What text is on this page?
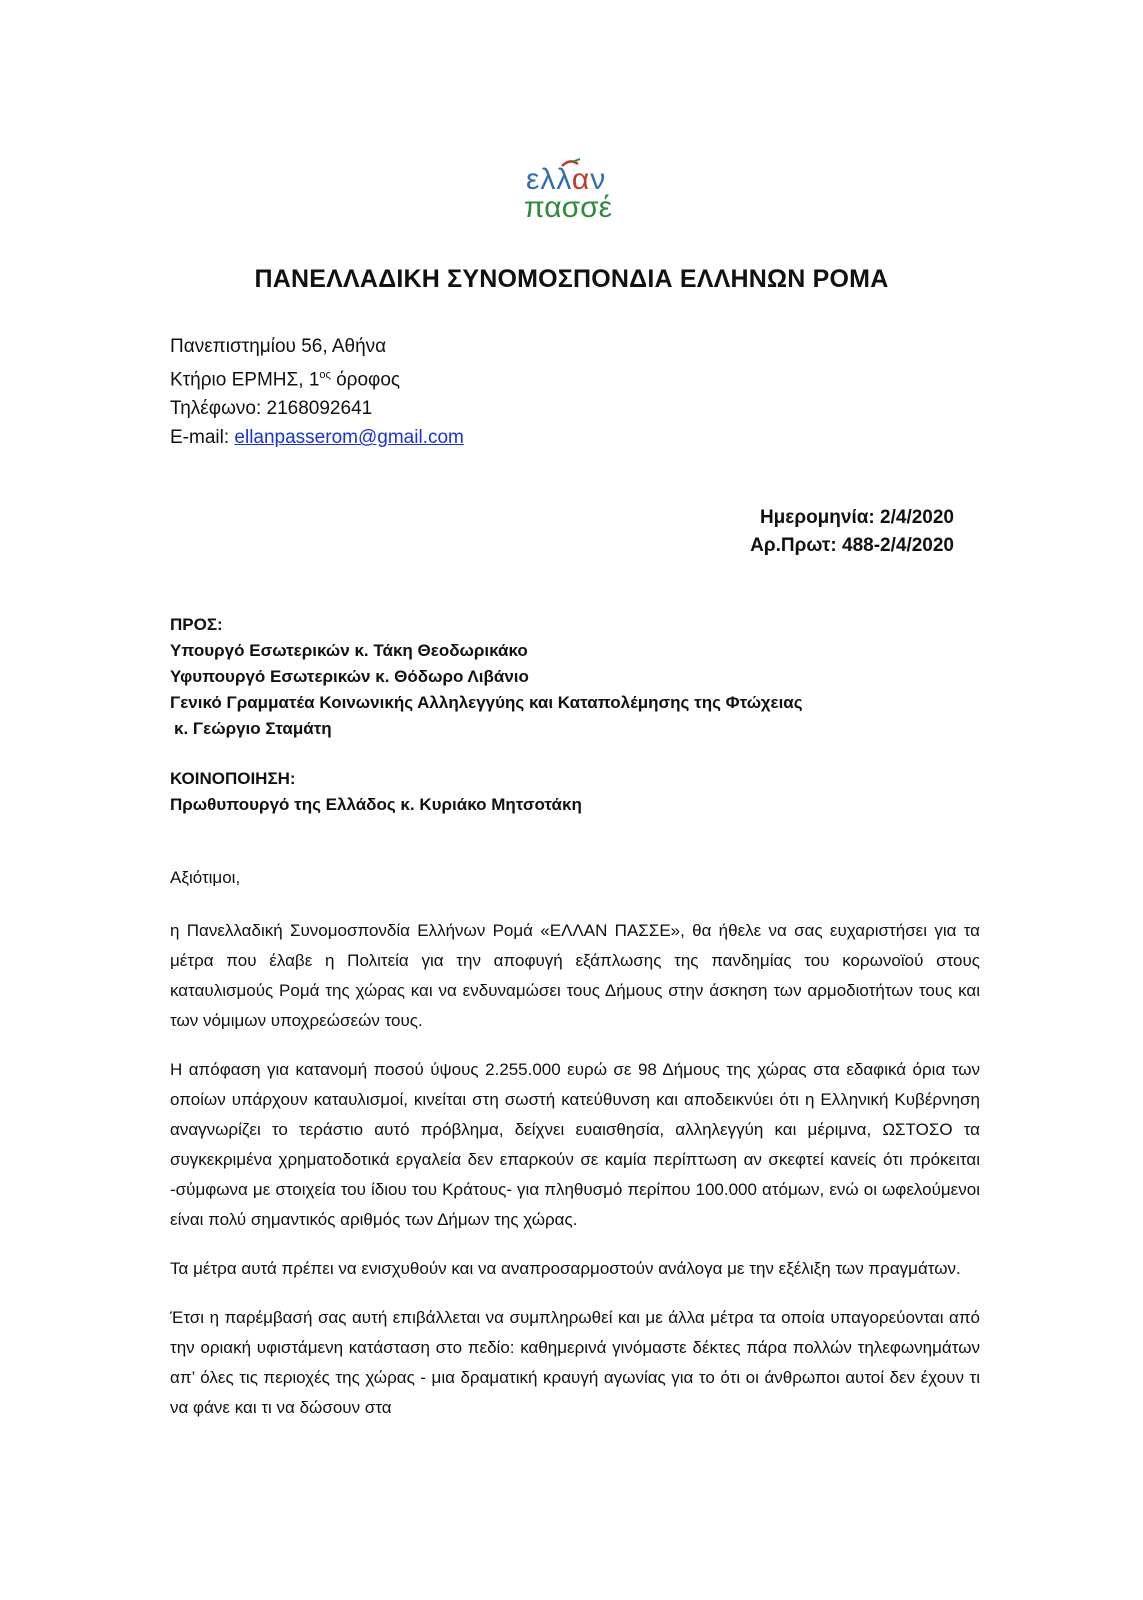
ελλαν
πασσέ
ΠΑΝΕΛΛΑΔΙΚΗ ΣΥΝΟΜΟΣΠΟΝΔΙΑ ΕΛΛΗΝΩΝ ΡΟΜΑ
Πανεπιστημίου 56, Αθήνα
Κτήριο ΕΡΜΗΣ, $1^{o\varsigma}$ όροφος
Τηλέφωνο: 2168092641
E-mail: ellanpasserom@gmail.com
Ημερομηνία: 2/4/2020
Αρ.Πρωτ: 488-2/4/2020
ΠΡΟΣ:
Υπουργό Εσωτερικών κ. Τάκη Θεοδωρικάκο
Υφυπουργό Εσωτερικών κ. Θόδωρο Λιβάνιο
Γενικό Γραμματέα Κοινωνικής Αλληλεγγύης και Καταπολέμησης της Φτώχειας
κ. Γεώργιο Σταμάτη
ΚΟΙΝΟΠΟΙΗΣΗ:
Πρωθυπουργό της Ελλάδος κ. Κυριάκο Μητσοτάκη
Αξιότιμοι,

η Πανελλαδική Συνομοσπονδία Ελλήνων Ρομά «ΕΛΛΑΝ ΠΑΣΣΕ», θα ήθελε να σας ευχαριστήσει για τα μέτρα που έλαβε η Πολιτεία για την αποφυγή εξάπλωσης της πανδημίας του κορωνοϊού στους καταυλισμούς Ρομά της χώρας και να ενδυναμώσει τους Δήμους στην άσκηση των αρμοδιοτήτων τους και των νόμιμων υποχρεώσεών τους.

Η απόφαση για κατανομή ποσού ύψους 2.255.000 ευρώ σε 98 Δήμους της χώρας στα εδαφικά όρια των οποίων υπάρχουν καταυλισμοί, κινείται στη σωστή κατεύθυνση και αποδεικνύει ότι η Ελληνική Κυβέρνηση αναγνωρίζει το τεράστιο αυτό πρόβλημα, δείχνει ευαισθησία, αλληλεγγύη και μέριμνα, ΩΣΤΟΣΟ τα συγκεκριμένα χρηματοδοτικά εργαλεία δεν επαρκούν σε καμία περίπτωση αν σκεφτεί κανείς ότι πρόκειται -σύμφωνα με στοιχεία του ίδιου του Κράτους- για πληθυσμό περίπου 100.000 ατόμων, ενώ οι ωφελούμενοι είναι πολύ σημαντικός αριθμός των Δήμων της χώρας.

Τα μέτρα αυτά πρέπει να ενισχυθούν και να αναπροσαρμοστούν ανάλογα με την εξέλιξη των πραγμάτων.

Έτσι η παρέμβασή σας αυτή επιβάλλεται να συμπληρωθεί και με άλλα μέτρα τα οποία υπαγορεύονται από την οριακή υφιστάμενη κατάσταση στο πεδίο: καθημερινά γινόμαστε δέκτες πάρα πολλών τηλεφωνημάτων απ’ όλες τις περιοχές της χώρας - μια δραματική κραυγή αγωνίας για το ότι οι άνθρωποι αυτοί δεν έχουν τι να φάνε και τι να δώσουν στα
